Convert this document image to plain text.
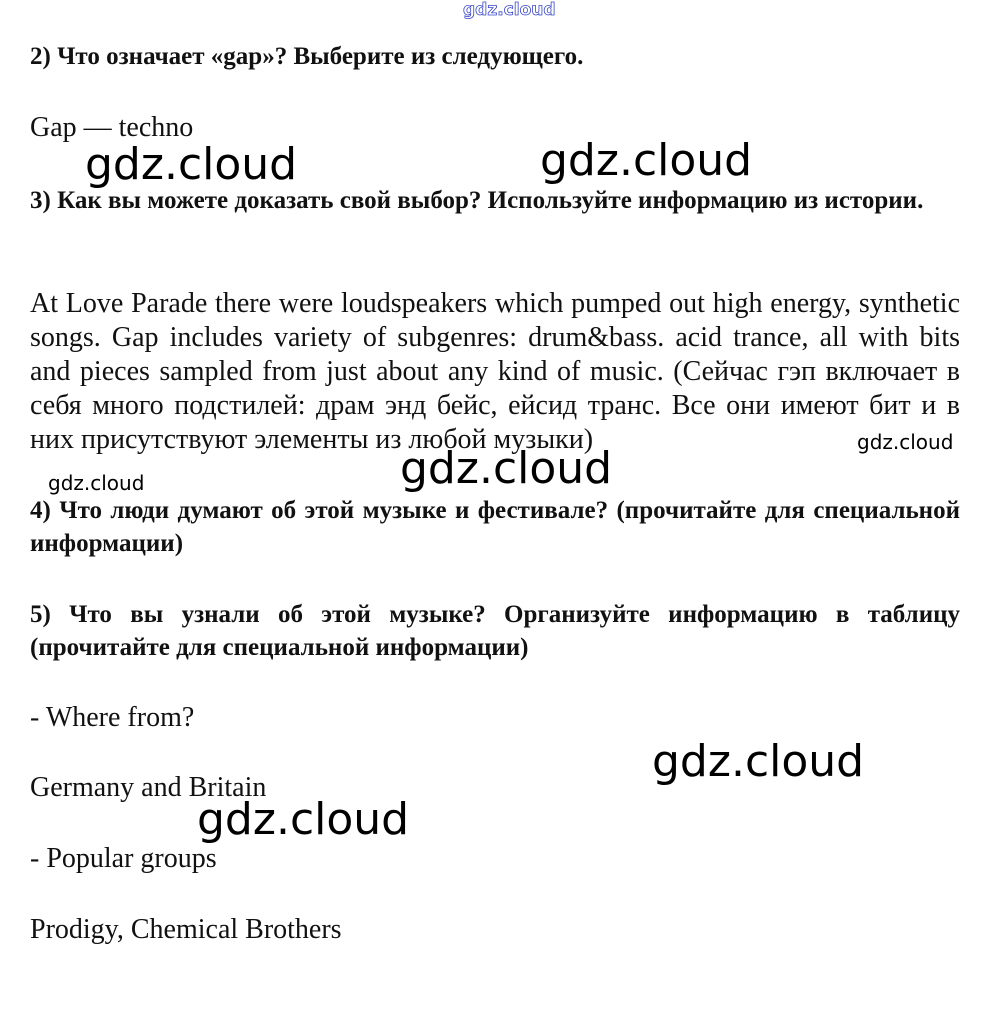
2) Что означает «gap»? Выберите из следующего.

Gap — techno

3) Как вы можете доказать свой выбор? Используйте информацию из истории.

At Love Parade there were loudspeakers which pumped out high energy, synthetic songs. Gap includes variety of subgenres: drum&bass. acid trance, all with bits and pieces sampled from just about any kind of music. (Сейчас гэп включает в себя много подстилей: драм энд бейс, ейсид транс. Все они имеют бит и в них присутствуют элементы из любой музыки)

4) Что люди думают об этой музыке и фестивале? (прочитайте для специальной информации)

5) Что вы узнали об этой музыке? Организуйте информацию в таблицу (прочитайте для специальной информации)

- Where from?

Germany and Britain

- Popular groups

Prodigy, Chemical Brothers

gdz.cloud
gdz.cloud	gdz.cloud
gdz.cloud
gdz.cloud
gdz.cloud
gdz.cloud
gdz.cloud
